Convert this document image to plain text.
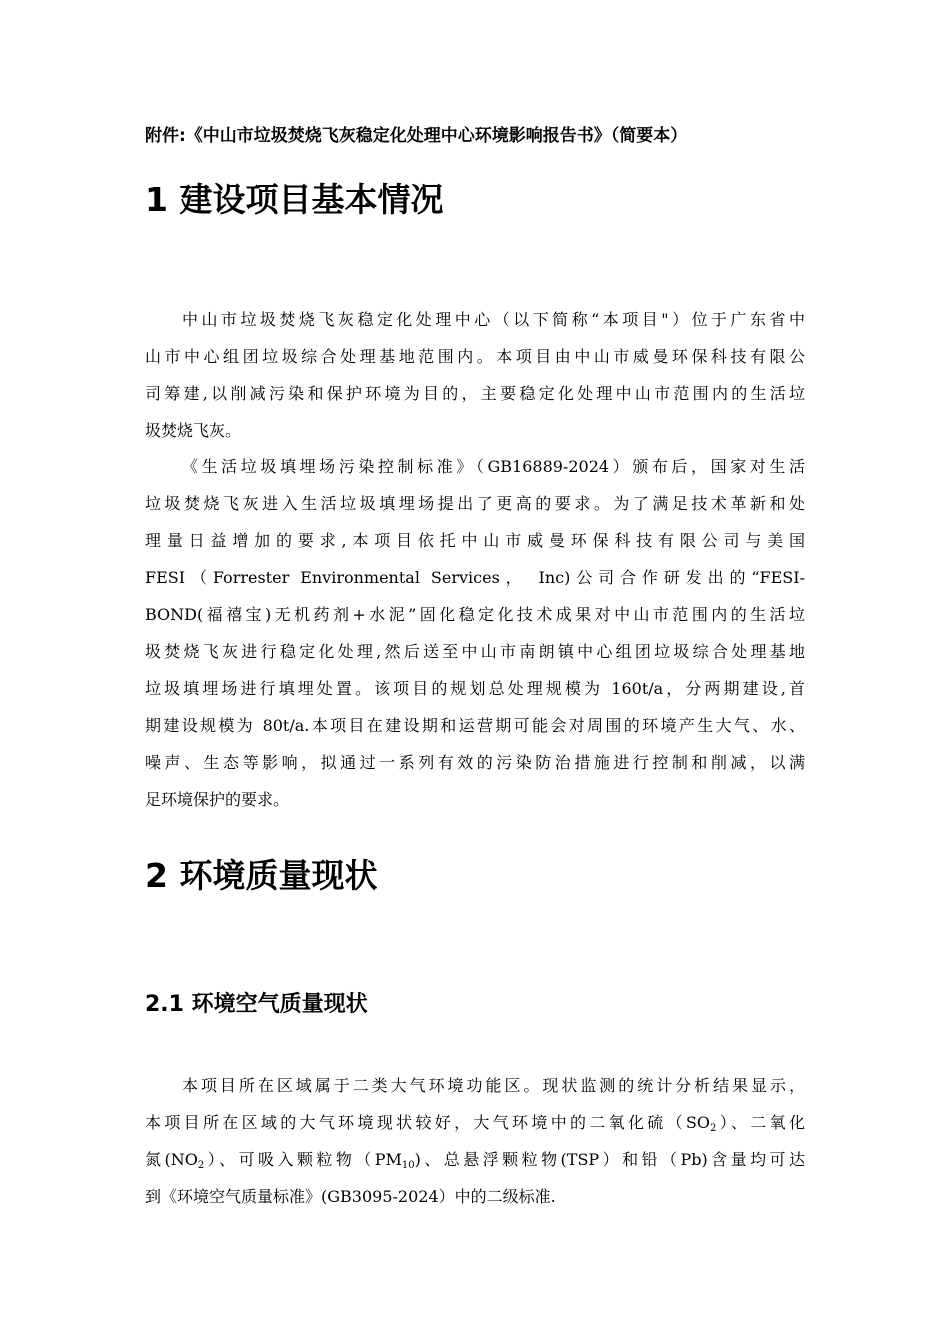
附件:《中山市垃圾焚烧飞灰稳定化处理中心环境影响报告书》（简要本）
1 建设项目基本情况
中山市垃圾焚烧飞灰稳定化处理中心（以下简称“本项目"）位于广东省中
山市中心组团垃圾综合处理基地范围内。本项目由中山市威曼环保科技有限公
司筹建,以削减污染和保护环境为目的，主要稳定化处理中山市范围内的生活垃
圾焚烧飞灰。
《生活垃圾填埋场污染控制标准》（GB16889-2024）颁布后，国家对生活
垃圾焚烧飞灰进入生活垃圾填埋场提出了更高的要求。为了满足技术革新和处
理量日益增加的要求,本项目依托中山市威曼环保科技有限公司与美国
FESI（Forrester Environmental Services， Inc)公司合作研发出的“FESI-
BOND(福禧宝)无机药剂+水泥”固化稳定化技术成果对中山市范围内的生活垃
圾焚烧飞灰进行稳定化处理,然后送至中山市南朗镇中心组团垃圾综合处理基地
垃圾填埋场进行填埋处置。该项目的规划总处理规模为 160t/a，分两期建设,首
期建设规模为 80t/a.本项目在建设期和运营期可能会对周围的环境产生大气、水、
噪声、生态等影响，拟通过一系列有效的污染防治措施进行控制和削减，以满
足环境保护的要求。
2 环境质量现状
2.1 环境空气质量现状
本项目所在区域属于二类大气环境功能区。现状监测的统计分析结果显示，
本项目所在区域的大气环境现状较好，大气环境中的二氧化硫$(SO_2)$、二氧化
氮$(NO_2)$、可吸入颗粒物$(PM_{10})$、总悬浮颗粒物(TSP）和铅（Pb)含量均可达
到《环境空气质量标准》(GB3095-2024）中的二级标准.
